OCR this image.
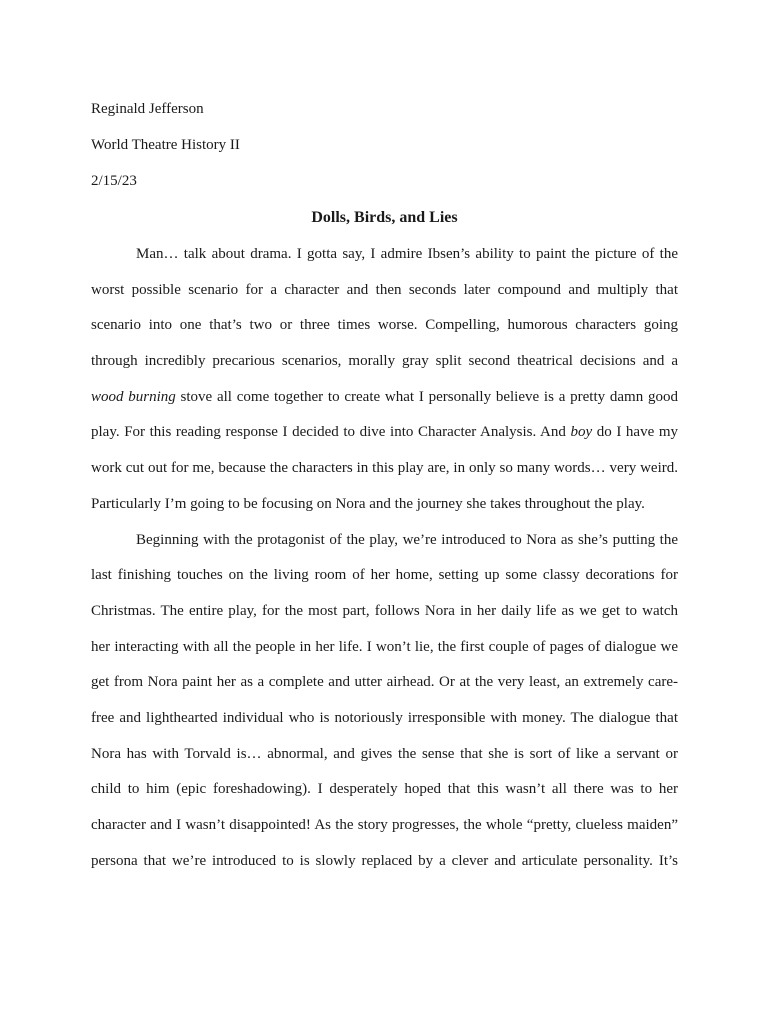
Reginald Jefferson

World Theatre History II

2/15/23

Dolls, Birds, and Lies

Man… talk about drama. I gotta say, I admire Ibsen’s ability to paint the picture of the

worst possible scenario for a character and then seconds later compound and multiply that

scenario into one that’s two or three times worse. Compelling, humorous characters going

through incredibly precarious scenarios, morally gray split second theatrical decisions and a

wood burning stove all come together to create what I personally believe is a pretty damn good

play. For this reading response I decided to dive into Character Analysis. And boy do I have my

work cut out for me, because the characters in this play are, in only so many words… very weird.

Particularly I’m going to be focusing on Nora and the journey she takes throughout the play.

Beginning with the protagonist of the play, we’re introduced to Nora as she’s putting the

last finishing touches on the living room of her home, setting up some classy decorations for

Christmas. The entire play, for the most part, follows Nora in her daily life as we get to watch

her interacting with all the people in her life. I won’t lie, the first couple of pages of dialogue we

get from Nora paint her as a complete and utter airhead. Or at the very least, an extremely care-

free and lighthearted individual who is notoriously irresponsible with money. The dialogue that

Nora has with Torvald is… abnormal, and gives the sense that she is sort of like a servant or

child to him (epic foreshadowing). I desperately hoped that this wasn’t all there was to her

character and I wasn’t disappointed! As the story progresses, the whole “pretty, clueless maiden”

persona that we’re introduced to is slowly replaced by a clever and articulate personality. It’s
